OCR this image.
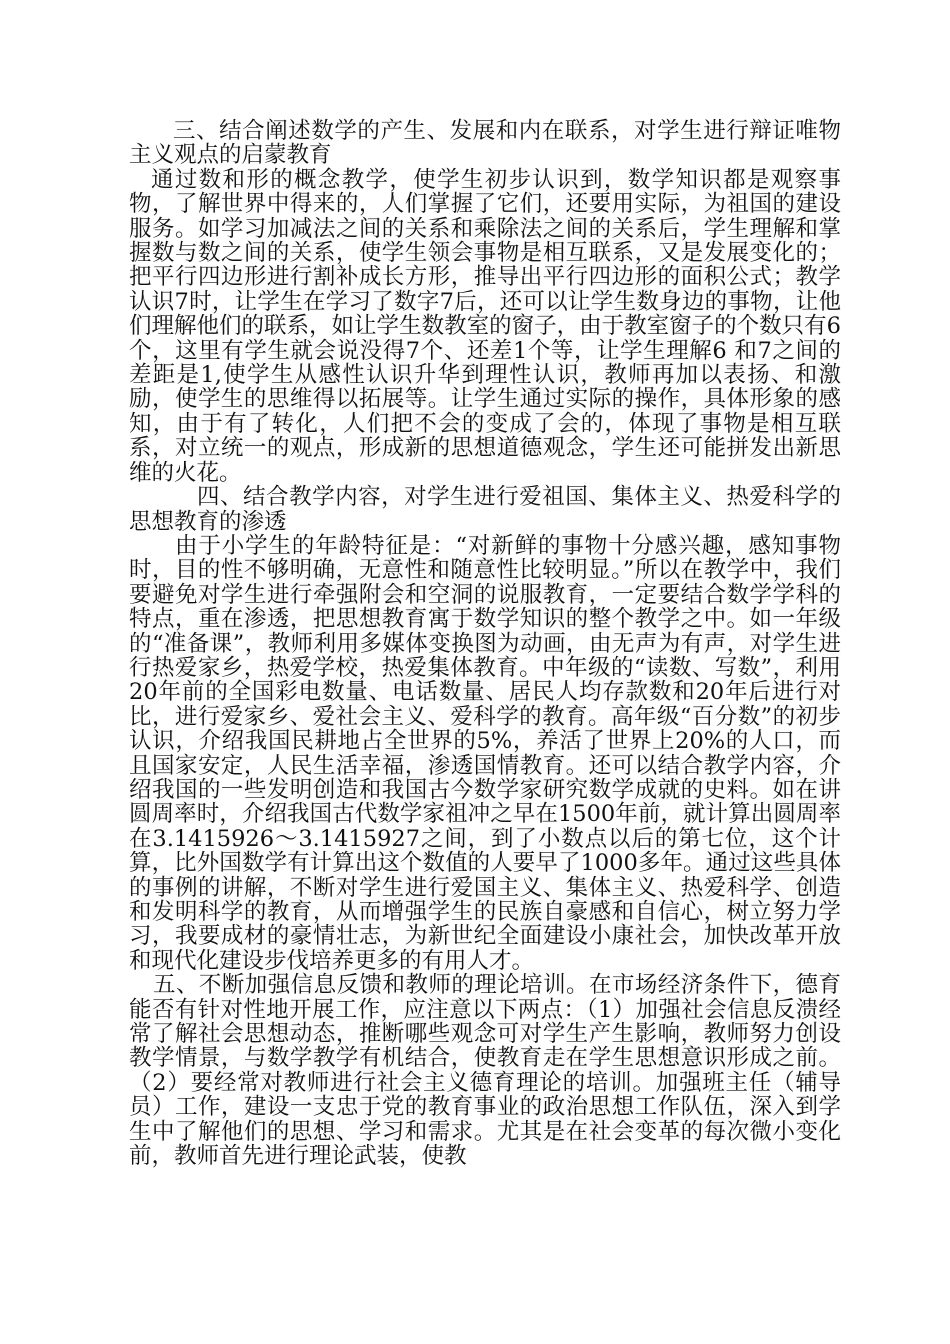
三、结合阐述数学的产生、发展和内在联系，对学生进行辩证唯物主义观点的启蒙教育

通过数和形的概念教学，使学生初步认识到，数学知识都是观察事物，了解世界中得来的，人们掌握了它们，还要用实际，为祖国的建设服务。如学习加减法之间的关系和乘除法之间的关系后，学生理解和掌握数与数之间的关系，使学生领会事物是相互联系，又是发展变化的；把平行四边形进行割补成长方形，推导出平行四边形的面积公式；教学认识7时，让学生在学习了数字7后，还可以让学生数身边的事物，让他们理解他们的联系，如让学生数教室的窗子，由于教室窗子的个数只有6个，这里有学生就会说没得7个、还差1个等，让学生理解6 和7之间的差距是1,使学生从感性认识升华到理性认识，教师再加以表扬、和激励，使学生的思维得以拓展等。让学生通过实际的操作，具体形象的感知，由于有了转化，人们把不会的变成了会的，体现了事物是相互联系，对立统一的观点，形成新的思想道德观念，学生还可能拼发出新思维的火花。

四、结合教学内容，对学生进行爱祖国、集体主义、热爱科学的思想教育的渗透

由于小学生的年龄特征是：“对新鲜的事物十分感兴趣，感知事物时，目的性不够明确，无意性和随意性比较明显。”所以在教学中，我们要避免对学生进行牵强附会和空洞的说服教育，一定要结合数学学科的特点，重在渗透，把思想教育寓于数学知识的整个教学之中。如一年级的“准备课”，教师利用多媒体变换图为动画，由无声为有声，对学生进行热爱家乡，热爱学校，热爱集体教育。中年级的“读数、写数”，利用20年前的全国彩电数量、电话数量、居民人均存款数和20年后进行对比，进行爱家乡、爱社会主义、爱科学的教育。高年级“百分数”的初步认识，介绍我国民耕地占全世界的5%，养活了世界上20%的人口，而且国家安定，人民生活幸福，渗透国情教育。还可以结合教学内容，介绍我国的一些发明创造和我国古今数学家研究数学成就的史料。如在讲圆周率时，介绍我国古代数学家祖冲之早在1500年前，就计算出圆周率在3.1415926～3.1415927之间，到了小数点以后的第七位，这个计算，比外国数学有计算出这个数值的人要早了1000多年。通过这些具体的事例的讲解，不断对学生进行爱国主义、集体主义、热爱科学、创造和发明科学的教育，从而增强学生的民族自豪感和自信心，树立努力学习，我要成材的豪情壮志，为新世纪全面建设小康社会，加快改革开放和现代化建设步伐培养更多的有用人才。

五、不断加强信息反馈和教师的理论培训。在市场经济条件下，德育能否有针对性地开展工作，应注意以下两点：（1）加强社会信息反溃经常了解社会思想动态，推断哪些观念可对学生产生影响，教师努力创设教学情景，与数学教学有机结合，使教育走在学生思想意识形成之前。（2）要经常对教师进行社会主义德育理论的培训。加强班主任（辅导员）工作，建设一支忠于党的教育事业的政治思想工作队伍，深入到学生中了解他们的思想、学习和需求。尤其是在社会变革的每次微小变化前，教师首先进行理论武装，使教
